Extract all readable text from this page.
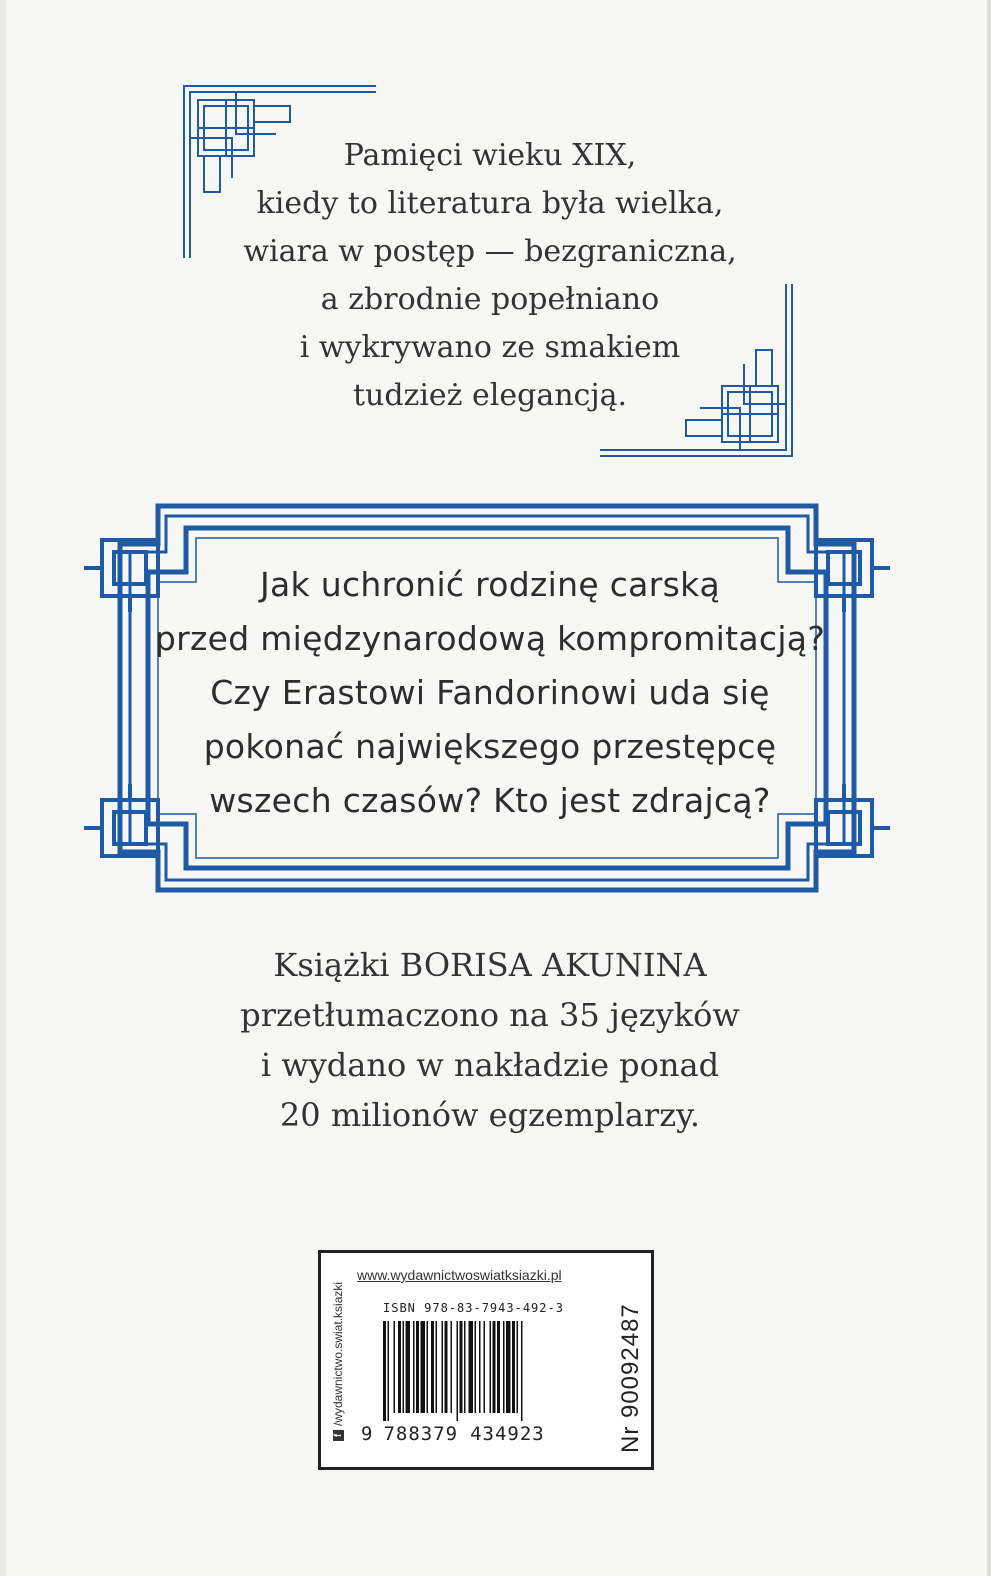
Pamięci wieku XIX,
kiedy to literatura była wielka,
wiara w postęp — bezgraniczna,
a zbrodnie popełniano
i wykrywano ze smakiem
tudzież elegancją.
Jak uchronić rodzinę carską
przed międzynarodową kompromitacją?
Czy Erastowi Fandorinowi uda się
pokonać największego przestępcę
wszech czasów? Kto jest zdrajcą?
Książki BORISA AKUNINA
przetłumaczono na 35 języków
i wydano w nakładzie ponad
20 milionów egzemplarzy.
f
/wydawnictwo.swiat.ksiazki
www.wydawnictwoswiatksiazki.pl
ISBN 978-83-7943-492-3
9 788379 434923	Nr 90092487
